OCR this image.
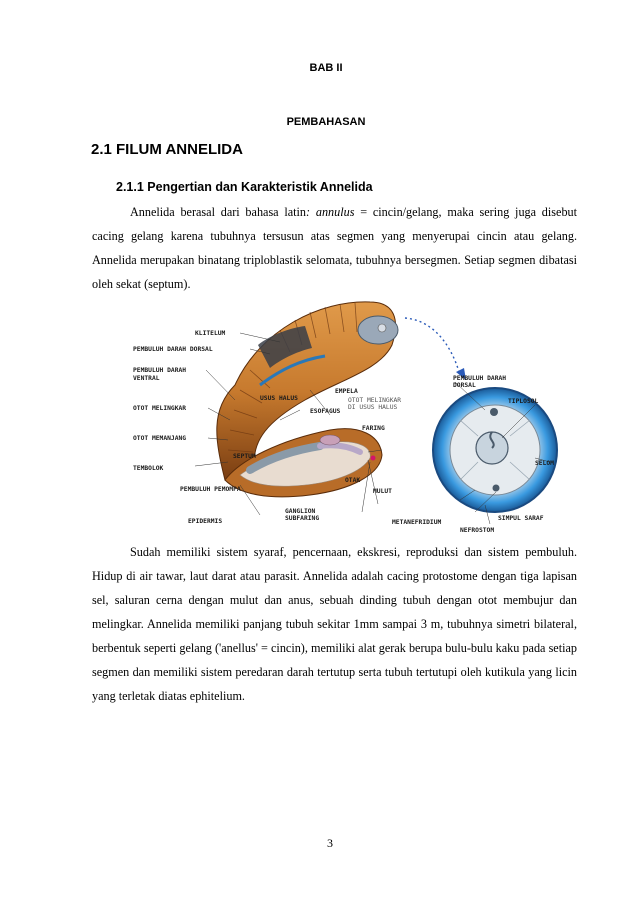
BAB II
PEMBAHASAN
2.1 FILUM ANNELIDA
2.1.1 Pengertian dan Karakteristik Annelida

Annelida berasal dari bahasa latin: annulus = cincin/gelang, maka sering juga disebut cacing gelang karena tubuhnya tersusun atas segmen yang menyerupai cincin atau gelang. Annelida merupakan binatang triploblastik selomata, tubuhnya bersegmen. Setiap segmen dibatasi oleh sekat (septum).

KLITELUM
PEMBULUH DARAH DORSAL
PEMBULUH DARAH
VENTRAL
OTOT MELINGKAR
OTOT MEMANJANG
TEMBOLOK
USUS HALUS
EMPELA
OTOT MELINGKAR
DI USUS HALUS
ESOFAGUS
FARING
SEPTUM
PEMBULUH PEMOMPA
OTAK
MULUT
GANGLION
SUBFARING
EPIDERMIS	METANEFRIDIUM
PEMBULUH DARAH
DORSAL
TIPLOSOL
SELOM
SIMPUL SARAF
NEFROSTOM

Sudah memiliki sistem syaraf, pencernaan, ekskresi, reproduksi dan sistem pembuluh. Hidup di air tawar, laut darat atau parasit. Annelida adalah cacing protostome dengan tiga lapisan sel, saluran cerna dengan mulut dan anus, sebuah dinding tubuh dengan otot membujur dan melingkar. Annelida memiliki panjang tubuh sekitar 1mm sampai 3 m, tubuhnya simetri bilateral, berbentuk seperti gelang ('anellus' = cincin), memiliki alat gerak berupa bulu-bulu kaku pada setiap segmen dan memiliki sistem peredaran darah tertutup serta tubuh tertutupi oleh kutikula yang licin yang terletak diatas ephitelium.

3
